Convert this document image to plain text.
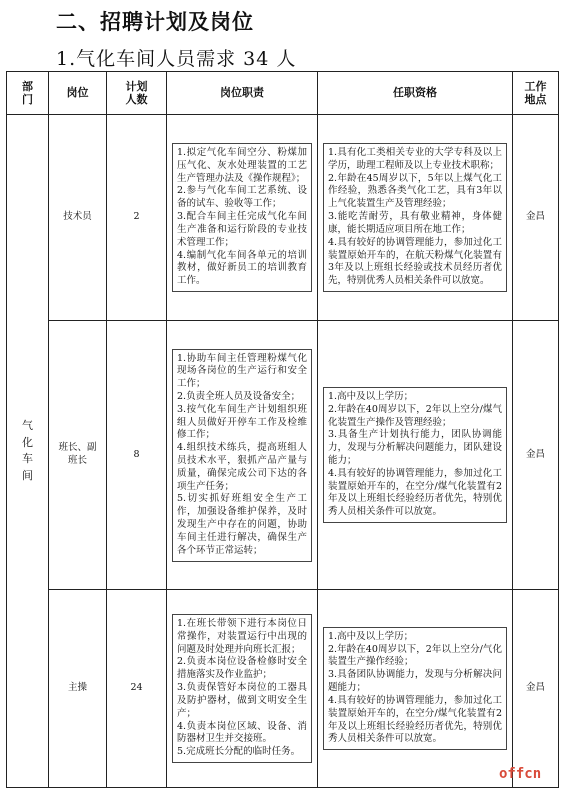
二、招聘计划及岗位
1.气化车间人员需求 34 人
部门	岗位	计划人数	岗位职责	任职资格	工作地点

气化车间	技术员	2	1.拟定气化车间空分、粉煤加压气化、灰水处理装置的工艺生产管理办法及《操作规程》；
2.参与气化车间工艺系统、设备的试车、验收等工作；
3.配合车间主任完成气化车间生产准备和运行阶段的专业技术管理工作；
4.编制气化车间各单元的培训教材，做好新员工的培训教育工作。	1.具有化工类相关专业的大学专科及以上学历，助理工程师及以上专业技术职称；
2.年龄在45周岁以下，5年以上煤气化工作经验，熟悉各类气化工艺，具有3年以上气化装置生产及管理经验；
3.能吃苦耐劳，具有敬业精神，身体健康，能长期适应项目所在地工作；
4.具有较好的协调管理能力，参加过化工装置原始开车的，在航天粉煤气化装置有3年及以上班组长经验或技术员经历者优先，特别优秀人员相关条件可以放宽。	金昌

	班长、副班长	8	1.协助车间主任管理粉煤气化现场各岗位的生产运行和安全工作；
2.负责全班人员及设备安全；
3.按气化车间生产计划组织班组人员做好开停车工作及检维修工作；
4.组织技术练兵，提高班组人员技术水平，狠抓产品产量与质量，确保完成公司下达的各项生产任务；
5.切实抓好班组安全生产工作，加强设备维护保养，及时发现生产中存在的问题，协助车间主任进行解决，确保生产各个环节正常运转；	1.高中及以上学历；
2.年龄在40周岁以下，2年以上空分/煤气化装置生产操作及管理经验；
3.具备生产计划执行能力，团队协调能力，发现与分析解决问题能力，团队建设能力；
4.具有较好的协调管理能力，参加过化工装置原始开车的，在空分/煤气化装置有2年及以上班组长经验经历者优先，特别优秀人员相关条件可以放宽。	金昌
	主操	24	1.在班长带领下进行本岗位日常操作，对装置运行中出现的问题及时处理并向班长汇报；
2.负责本岗位设备检修时安全措施落实及作业监护；
3.负责保管好本岗位的工器具及防护器材，做到文明安全生产；
4.负责本岗位区域、设备、消防器材卫生并交接班。
5.完成班长分配的临时任务。	1.高中及以上学历；
2.年龄在40周岁以下，2年以上空分/气化装置生产操作经验；
3.具备团队协调能力，发现与分析解决问题能力；
4.具有较好的协调管理能力，参加过化工装置原始开车的，在空分/煤气化装置有2年及以上班组长经验经历者优先，特别优秀人员相关条件可以放宽。	金昌
offcn
